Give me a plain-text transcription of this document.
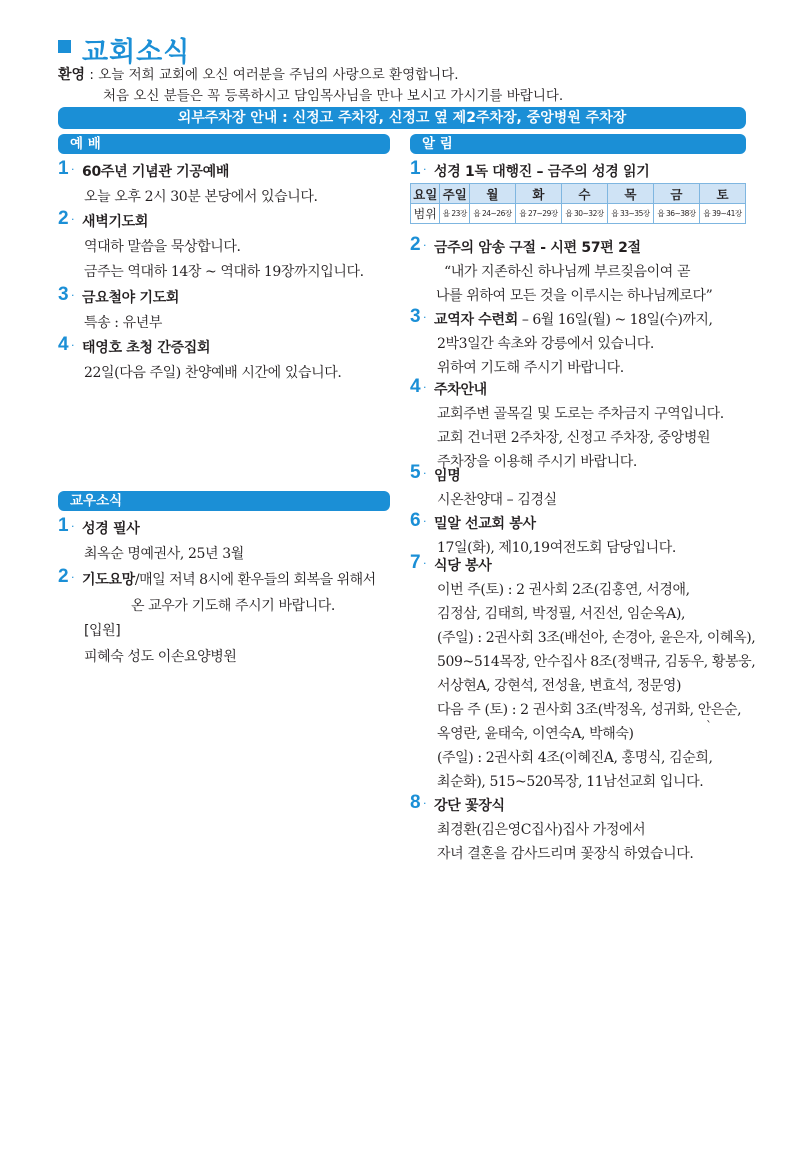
교회소식
환영 : 오늘 저희 교회에 오신 여러분을 주님의 사랑으로 환영합니다.
처음 오신 분들은 꼭 등록하시고 담임목사님을 만나 보시고 가시기를 바랍니다.
외부주차장 안내 : 신정고 주차장, 신정고 옆 제2주차장, 중앙병원 주차장
예 배	알 림
교우소식
1 · 60주년 기념관 기공예배
오늘 오후 2시 30분 본당에서 있습니다.
2 · 새벽기도회
역대하 말씀을 묵상합니다.
금주는 역대하 14장 ~ 역대하 19장까지입니다.
3 · 금요철야 기도회
특송 : 유년부
4 · 태영호 초청 간증집회
22일(다음 주일) 찬양예배 시간에 있습니다.
1 · 성경 필사
최옥순 명예권사, 25년 3월
2 · 기도요망/매일 저녁 8시에 환우들의 회복을 위해서
온 교우가 기도해 주시기 바랍니다.
[입원]
피혜숙 성도 이손요양병원
1 · 성경 1독 대행진 – 금주의 성경 읽기
요일	주일	월	화	수	목	금	토
범위	욥 23장	욥 24~26장	욥 27~29장	욥 30~32장	욥 33~35장	욥 36~38장	욥 39~41장
2 · 금주의 암송 구절 - 시편 57편 2절
“내가 지존하신 하나님께 부르짖음이여 곧
나를 위하여 모든 것을 이루시는 하나님께로다”
3 · 교역자 수련회 – 6월 16일(월) ~ 18일(수)까지,
2박3일간 속초와 강릉에서 있습니다.
위하여 기도해 주시기 바랍니다.
4 · 주차안내
교회주변 골목길 및 도로는 주차금지 구역입니다.
교회 건너편 2주차장, 신정고 주차장, 중앙병원
주차장을 이용해 주시기 바랍니다.
5 · 임명
시온찬양대 – 김경실
6 · 밀알 선교회 봉사
17일(화), 제10,19여전도회 담당입니다.
7 · 식당 봉사
이번 주(토) : 2 권사회 2조(김홍연, 서경애,
김정삼, 김태희, 박정필, 서진선, 임순옥A),
(주일) : 2권사회 3조(배선아, 손경아, 윤은자, 이혜옥),
509~514목장, 안수집사 8조(정백규, 김동우, 황봉웅,
서상현A, 강현석, 전성율, 변효석, 정문영)
다음 주 (토) : 2 권사회 3조(박정옥, 성귀화, 안은순,
옥영란, 윤태숙, 이연숙A, 박해숙)	`
(주일) : 2권사회 4조(이혜진A, 홍명식, 김순희,
최순화), 515~520목장, 11남선교회 입니다.
8 · 강단 꽃장식
최경환(김은영C집사)집사 가정에서
자녀 결혼을 감사드리며 꽃장식 하였습니다.
